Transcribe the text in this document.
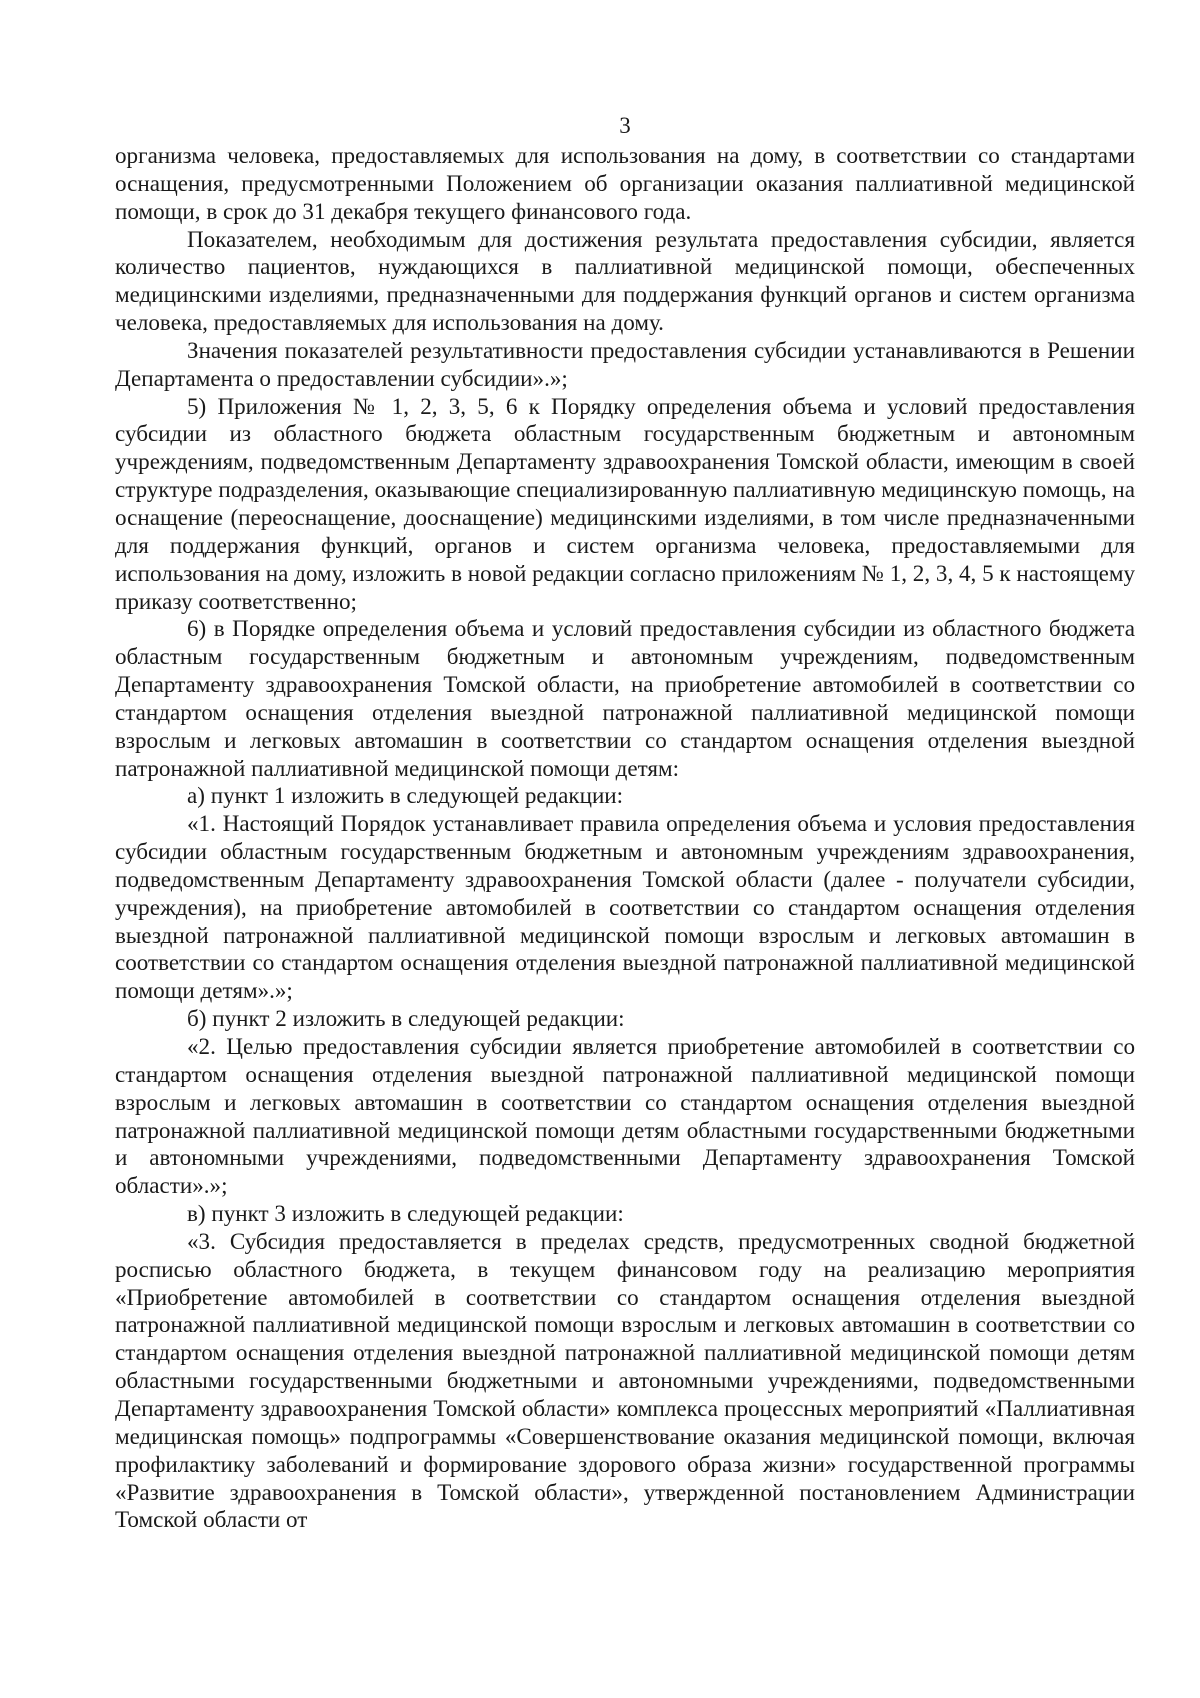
3

организма человека, предоставляемых для использования на дому, в соответствии со стандартами оснащения, предусмотренными Положением об организации оказания паллиативной медицинской помощи, в срок до 31 декабря текущего финансового года.

Показателем, необходимым для достижения результата предоставления субсидии, является количество пациентов, нуждающихся в паллиативной медицинской помощи, обеспеченных медицинскими изделиями, предназначенными для поддержания функций органов и систем организма человека, предоставляемых для использования на дому.

Значения показателей результативности предоставления субсидии устанавливаются в Решении Департамента о предоставлении субсидии».»;

5) Приложения № 1, 2, 3, 5, 6 к Порядку определения объема и условий предоставления субсидии из областного бюджета областным государственным бюджетным и автономным учреждениям, подведомственным Департаменту здравоохранения Томской области, имеющим в своей структуре подразделения, оказывающие специализированную паллиативную медицинскую помощь, на оснащение (переоснащение, дооснащение) медицинскими изделиями, в том числе предназначенными для поддержания функций, органов и систем организма человека, предоставляемыми для использования на дому, изложить в новой редакции согласно приложениям № 1, 2, 3, 4, 5 к настоящему приказу соответственно;

6) в Порядке определения объема и условий предоставления субсидии из областного бюджета областным государственным бюджетным и автономным учреждениям, подведомственным Департаменту здравоохранения Томской области, на приобретение автомобилей в соответствии со стандартом оснащения отделения выездной патронажной паллиативной медицинской помощи взрослым и легковых автомашин в соответствии со стандартом оснащения отделения выездной патронажной паллиативной медицинской помощи детям:

а) пункт 1 изложить в следующей редакции:

«1. Настоящий Порядок устанавливает правила определения объема и условия предоставления субсидии областным государственным бюджетным и автономным учреждениям здравоохранения, подведомственным Департаменту здравоохранения Томской области (далее - получатели субсидии, учреждения), на приобретение автомобилей в соответствии со стандартом оснащения отделения выездной патронажной паллиативной медицинской помощи взрослым и легковых автомашин в соответствии со стандартом оснащения отделения выездной патронажной паллиативной медицинской помощи детям».»;

б) пункт 2 изложить в следующей редакции:

«2. Целью предоставления субсидии является приобретение автомобилей в соответствии со стандартом оснащения отделения выездной патронажной паллиативной медицинской помощи взрослым и легковых автомашин в соответствии со стандартом оснащения отделения выездной патронажной паллиативной медицинской помощи детям областными государственными бюджетными и автономными учреждениями, подведомственными Департаменту здравоохранения Томской области».»;

в) пункт 3 изложить в следующей редакции:

«3. Субсидия предоставляется в пределах средств, предусмотренных сводной бюджетной росписью областного бюджета, в текущем финансовом году на реализацию мероприятия «Приобретение автомобилей в соответствии со стандартом оснащения отделения выездной патронажной паллиативной медицинской помощи взрослым и легковых автомашин в соответствии со стандартом оснащения отделения выездной патронажной паллиативной медицинской помощи детям областными государственными бюджетными и автономными учреждениями, подведомственными Департаменту здравоохранения Томской области» комплекса процессных мероприятий «Паллиативная медицинская помощь» подпрограммы «Совершенствование оказания медицинской помощи, включая профилактику заболеваний и формирование здорового образа жизни» государственной программы «Развитие здравоохранения в Томской области», утвержденной постановлением Администрации Томской области от
